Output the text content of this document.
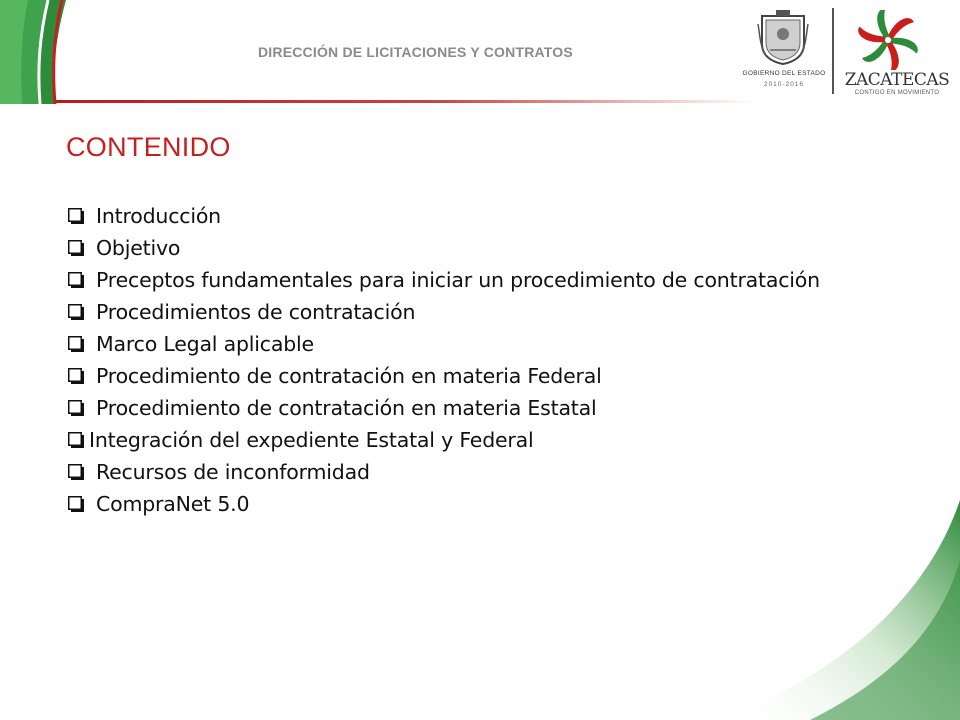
DIRECCIÓN DE LICITACIONES Y CONTRATOS
GOBIERNO DEL ESTADO
2010-2016	ZACATECAS
CONTIGO EN MOVIMIENTO
CONTENIDO
Introducción
Objetivo
Preceptos fundamentales para iniciar un procedimiento de contratación
Procedimientos de contratación
Marco Legal aplicable
Procedimiento de contratación en materia Federal
Procedimiento de contratación en materia Estatal
Integración del expediente Estatal y Federal
Recursos de inconformidad
CompraNet 5.0
